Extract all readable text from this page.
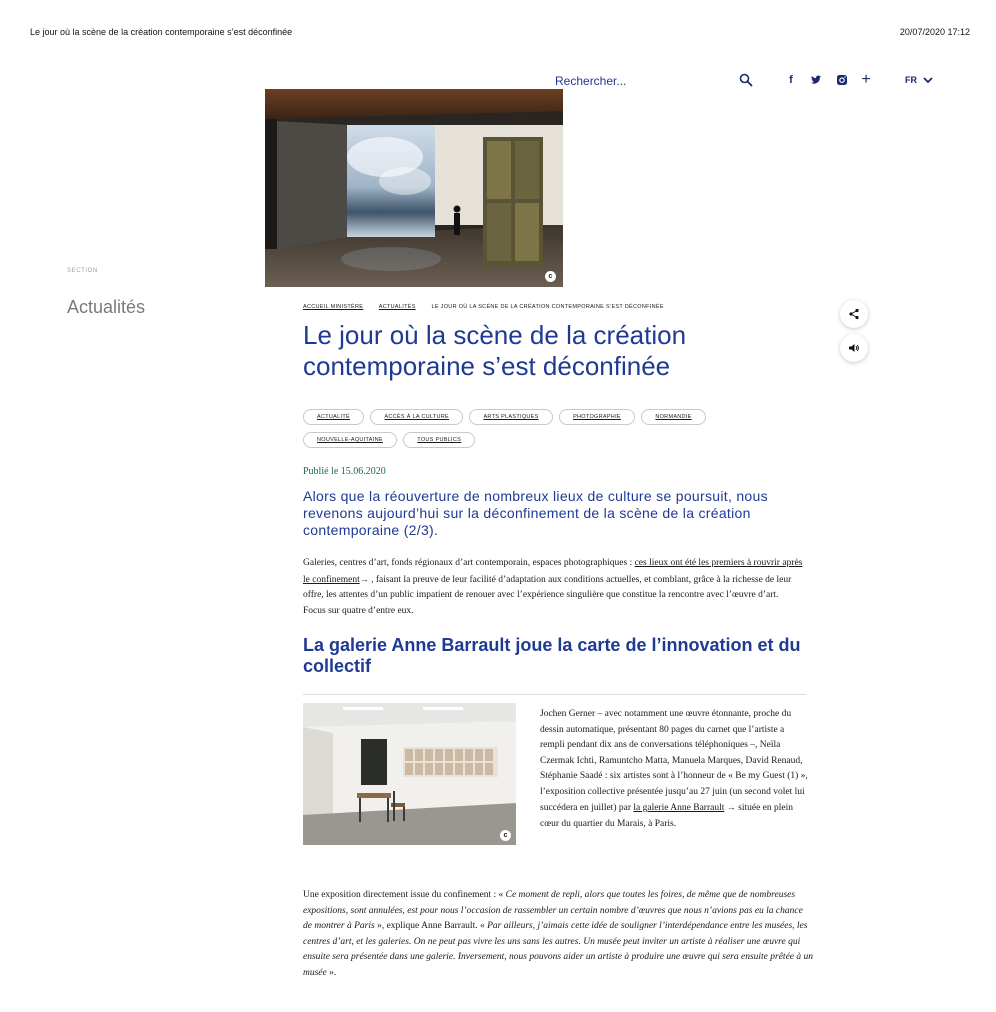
Le jour où la scène de la création contemporaine s’est déconfinée	20/07/2020 17:12
Rechercher...	f	+	FR
c
SECTION
Actualités	ACCUEIL MINISTÈRE	ACTUALITÉS	LE JOUR OÙ LA SCÈNE DE LA CRÉATION CONTEMPORAINE S’EST DÉCONFINÉE
Le jour où la scène de la création contemporaine s’est déconfinée
ACTUALITÉ	ACCÈS À LA CULTURE	ARTS PLASTIQUES	PHOTOGRAPHIE	NORMANDIE NOUVELLE-AQUITAINE	TOUS PUBLICS
Publié le 15.06.2020
Alors que la réouverture de nombreux lieux de culture se poursuit, nous revenons aujourd’hui sur la déconfinement de la scène de la création contemporaine (2/3).

Galeries, centres d’art, fonds régionaux d’art contemporain, espaces photographiques : ces lieux ont été les premiers à rouvrir après le confinement→ , faisant la preuve de leur facilité d’adaptation aux conditions actuelles, et comblant, grâce à la richesse de leur offre, les attentes d’un public impatient de renouer avec l’expérience singulière que constitue la rencontre avec l’œuvre d’art. Focus sur quatre d’entre eux.

La galerie Anne Barrault joue la carte de l’innovation et du collectif
c

Jochen Gerner – avec notamment une œuvre étonnante, proche du dessin automatique, présentant 80 pages du carnet que l’artiste a rempli pendant dix ans de conversations téléphoniques –, Neïla Czermak Ichti, Ramuntcho Matta, Manuela Marques, David Renaud, Stéphanie Saadé : six artistes sont à l’honneur de « Be my Guest (1) », l’exposition collective présentée jusqu’au 27 juin (un second volet lui succédera en juillet) par la galerie Anne Barrault → située en plein cœur du quartier du Marais, à Paris.

Une exposition directement issue du confinement : « Ce moment de repli, alors que toutes les foires, de même que de nombreuses expositions, sont annulées, est pour nous l’occasion de rassembler un certain nombre d’œuvres que nous n’avions pas eu la chance de montrer à Paris », explique Anne Barrault. « Par ailleurs, j’aimais cette idée de souligner l’interdépendance entre les musées, les centres d’art, et les galeries. On ne peut pas vivre les uns sans les autres. Un musée peut inviter un artiste à réaliser une œuvre qui ensuite sera présentée dans une galerie. Inversement, nous pouvons aider un artiste à produire une œuvre qui sera ensuite prêtée à un musée ».
